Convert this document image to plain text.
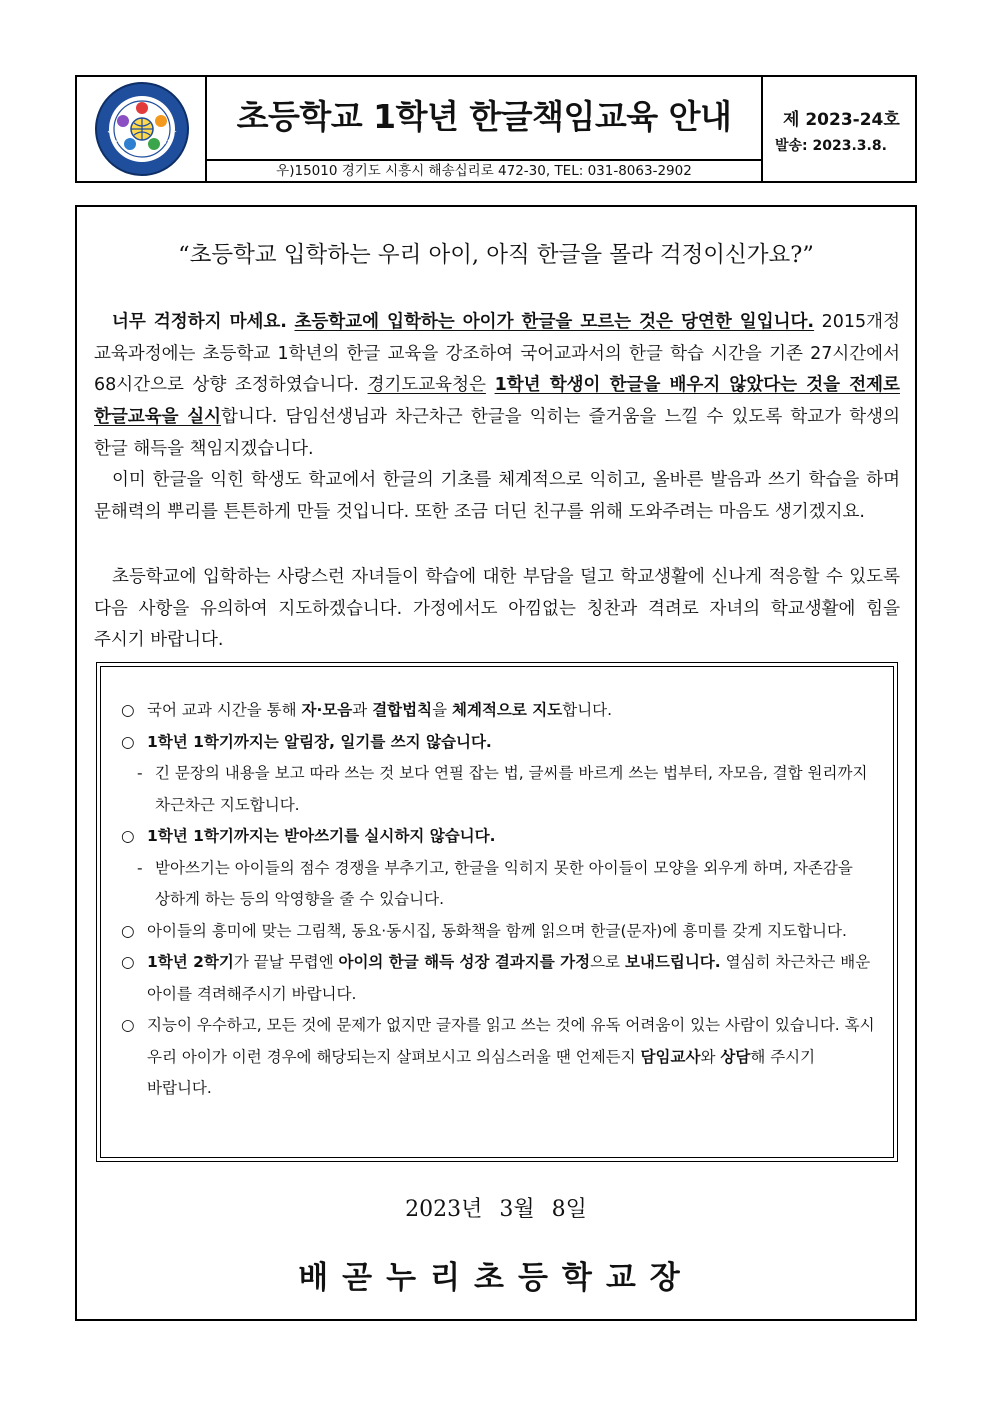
초등학교 1학년 한글책임교육 안내
우)15010 경기도 시흥시 해송십리로 472-30, TEL: 031-8063-2902
제 2023-24호
발송: 2023.3.8.
“초등학교 입학하는 우리 아이, 아직 한글을 몰라 걱정이신가요?”
너무 걱정하지 마세요. 초등학교에 입학하는 아이가 한글을 모르는 것은 당연한 일입니다. 2015개정 교육과정에는 초등학교 1학년의 한글 교육을 강조하여 국어교과서의 한글 학습 시간을 기존 27시간에서 68시간으로 상향 조정하였습니다. 경기도교육청은 1학년 학생이 한글을 배우지 않았다는 것을 전제로 한글교육을 실시합니다. 담임선생님과 차근차근 한글을 익히는 즐거움을 느낄 수 있도록 학교가 학생의 한글 해득을 책임지겠습니다.
이미 한글을 익힌 학생도 학교에서 한글의 기초를 체계적으로 익히고, 올바른 발음과 쓰기 학습을 하며 문해력의 뿌리를 튼튼하게 만들 것입니다. 또한 조금 더딘 친구를 위해 도와주려는 마음도 생기겠지요.
초등학교에 입학하는 사랑스런 자녀들이 학습에 대한 부담을 덜고 학교생활에 신나게 적응할 수 있도록 다음 사항을 유의하여 지도하겠습니다. 가정에서도 아낌없는 칭찬과 격려로 자녀의 학교생활에 힘을 주시기 바랍니다.
○ 국어 교과 시간을 통해 자·모음과 결합법칙을 체계적으로 지도합니다.
○ 1학년 1학기까지는 알림장, 일기를 쓰지 않습니다.
- 긴 문장의 내용을 보고 따라 쓰는 것 보다 연필 잡는 법, 글씨를 바르게 쓰는 법부터, 자모음, 결합 원리까지 차근차근 지도합니다.
○ 1학년 1학기까지는 받아쓰기를 실시하지 않습니다.
- 받아쓰기는 아이들의 점수 경쟁을 부추기고, 한글을 익히지 못한 아이들이 모양을 외우게 하며, 자존감을 상하게 하는 등의 악영향을 줄 수 있습니다.
○ 아이들의 흥미에 맞는 그림책, 동요·동시집, 동화책을 함께 읽으며 한글(문자)에 흥미를 갖게 지도합니다.
○ 1학년 2학기가 끝날 무렵엔 아이의 한글 해득 성장 결과지를 가정으로 보내드립니다. 열심히 차근차근 배운 아이를 격려해주시기 바랍니다.
○ 지능이 우수하고, 모든 것에 문제가 없지만 글자를 읽고 쓰는 것에 유독 어려움이 있는 사람이 있습니다. 혹시 우리 아이가 이런 경우에 해당되는지 살펴보시고 의심스러울 땐 언제든지 담임교사와 상담해 주시기 바랍니다.
2023년 3월 8일
배곧누리초등학교장
